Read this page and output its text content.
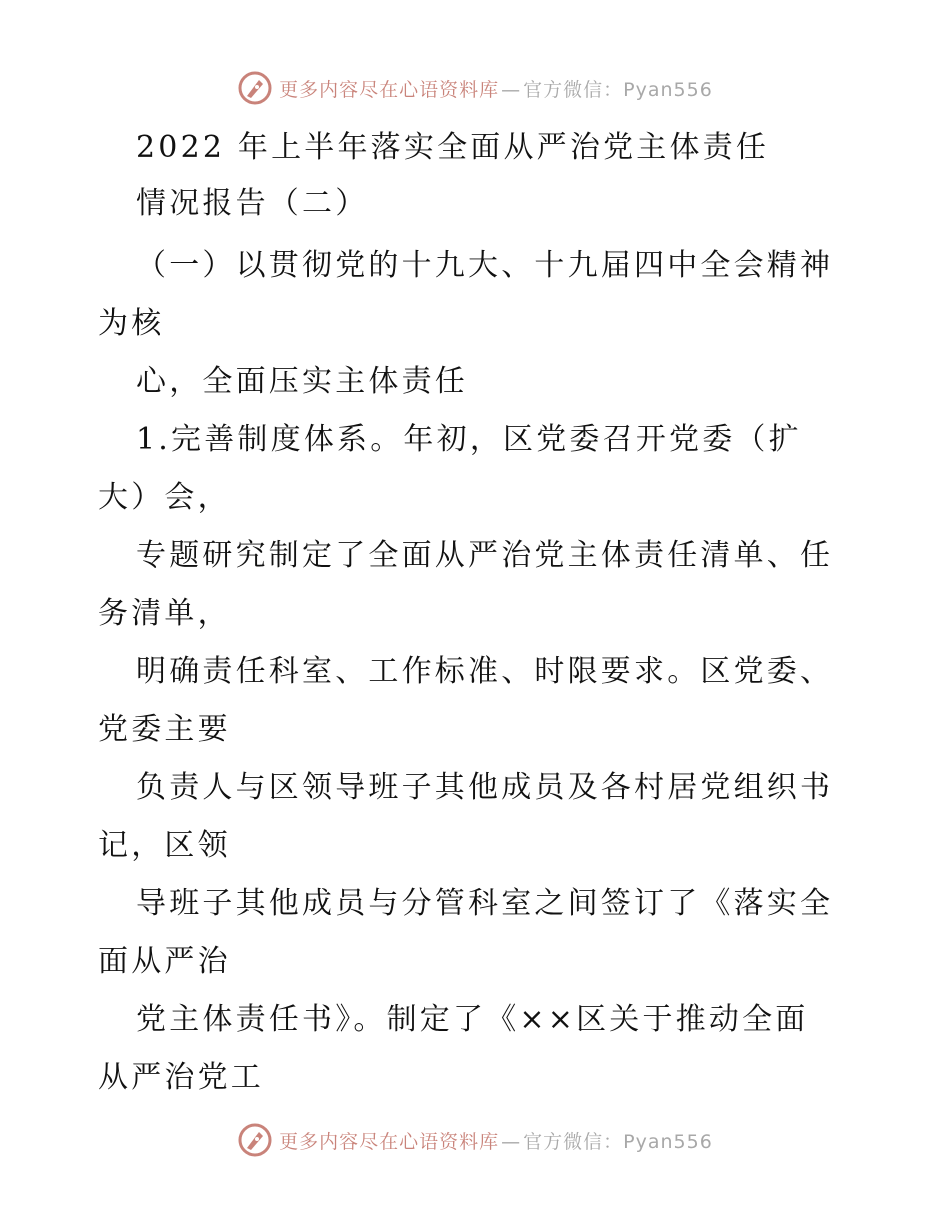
更多内容尽在心语资料库 — 官方微信：Pyan556
2022 年上半年落实全面从严治党主体责任
情况报告（二）
（一）以贯彻党的十九大、十九届四中全会精神
为核
心，全面压实主体责任
1.完善制度体系。年初，区党委召开党委（扩
大）会，
专题研究制定了全面从严治党主体责任清单、任
务清单，
明确责任科室、工作标准、时限要求。区党委、
党委主要
负责人与区领导班子其他成员及各村居党组织书
记，区领
导班子其他成员与分管科室之间签订了《落实全
面从严治
党主体责任书》。制定了《××区关于推动全面
从严治党工
更多内容尽在心语资料库 — 官方微信：Pyan556
